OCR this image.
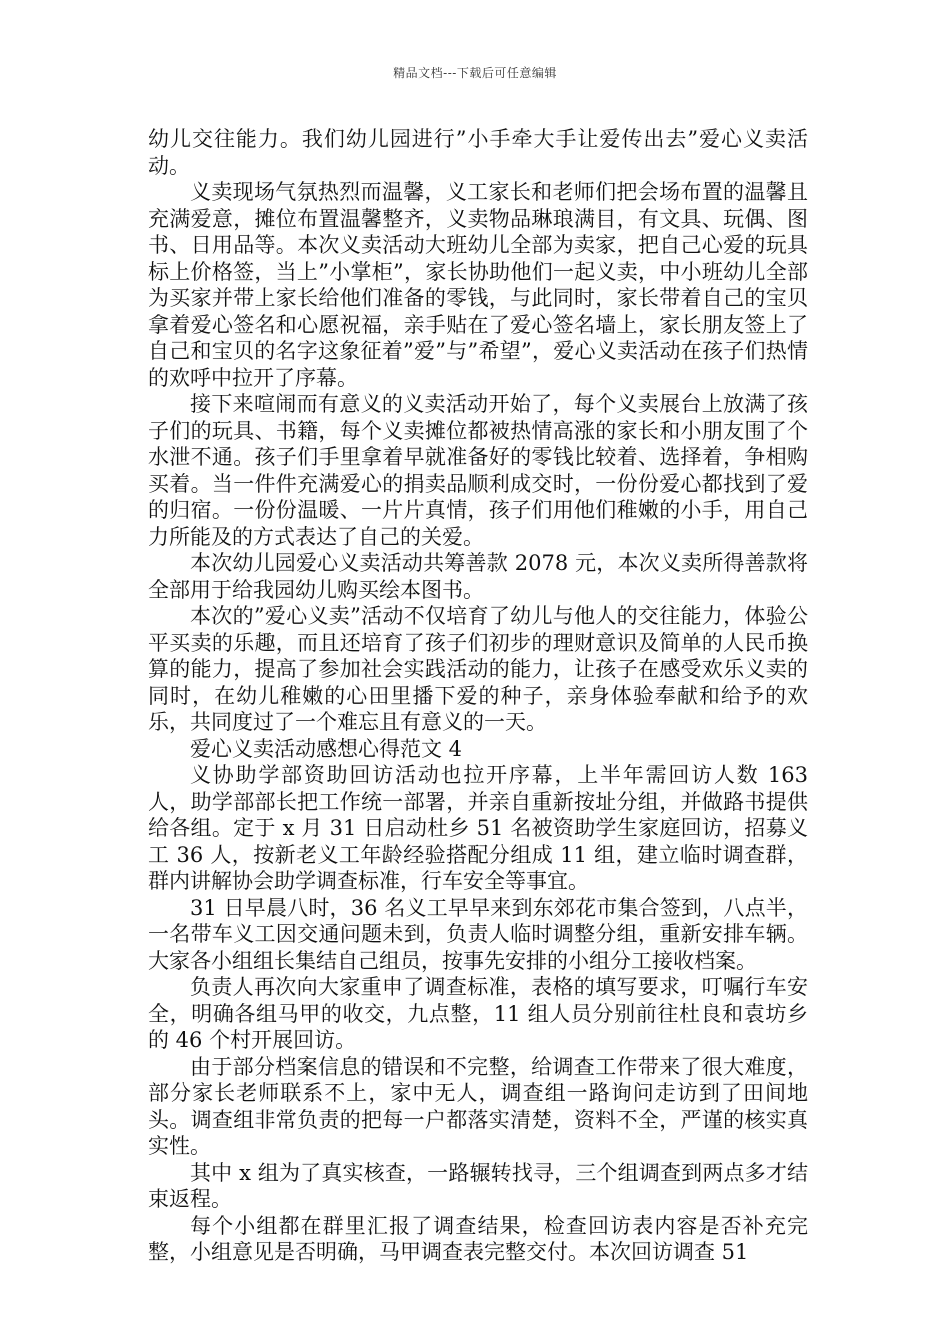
精品文档---下载后可任意编辑

幼儿交往能力。我们幼儿园进行”小手牵大手让爱传出去”爱心义卖活动。

义卖现场气氛热烈而温馨，义工家长和老师们把会场布置的温馨且充满爱意，摊位布置温馨整齐，义卖物品琳琅满目，有文具、玩偶、图书、日用品等。本次义卖活动大班幼儿全部为卖家，把自己心爱的玩具标上价格签，当上”小掌柜”，家长协助他们一起义卖，中小班幼儿全部为买家并带上家长给他们准备的零钱，与此同时，家长带着自己的宝贝拿着爱心签名和心愿祝福，亲手贴在了爱心签名墙上，家长朋友签上了自己和宝贝的名字这象征着”爱”与”希望”，爱心义卖活动在孩子们热情的欢呼中拉开了序幕。

接下来喧闹而有意义的义卖活动开始了，每个义卖展台上放满了孩子们的玩具、书籍，每个义卖摊位都被热情高涨的家长和小朋友围了个水泄不通。孩子们手里拿着早就准备好的零钱比较着、选择着，争相购买着。当一件件充满爱心的捐卖品顺利成交时，一份份爱心都找到了爱的归宿。一份份温暖、一片片真情，孩子们用他们稚嫩的小手，用自己力所能及的方式表达了自己的关爱。

本次幼儿园爱心义卖活动共筹善款 2078 元，本次义卖所得善款将全部用于给我园幼儿购买绘本图书。

本次的”爱心义卖”活动不仅培育了幼儿与他人的交往能力，体验公平买卖的乐趣，而且还培育了孩子们初步的理财意识及简单的人民币换算的能力，提高了参加社会实践活动的能力，让孩子在感受欢乐义卖的同时，在幼儿稚嫩的心田里播下爱的种子，亲身体验奉献和给予的欢乐，共同度过了一个难忘且有意义的一天。

爱心义卖活动感想心得范文 4

义协助学部资助回访活动也拉开序幕，上半年需回访人数 163 人，助学部部长把工作统一部署，并亲自重新按址分组，并做路书提供给各组。定于 x 月 31 日启动杜乡 51 名被资助学生家庭回访，招募义工 36 人，按新老义工年龄经验搭配分组成 11 组，建立临时调查群，群内讲解协会助学调查标准，行车安全等事宜。

31 日早晨八时，36 名义工早早来到东郊花市集合签到，八点半，一名带车义工因交通问题未到，负责人临时调整分组，重新安排车辆。大家各小组组长集结自己组员，按事先安排的小组分工接收档案。

负责人再次向大家重申了调查标准，表格的填写要求，叮嘱行车安全，明确各组马甲的收交，九点整，11 组人员分别前往杜良和袁坊乡的 46 个村开展回访。

由于部分档案信息的错误和不完整，给调查工作带来了很大难度，部分家长老师联系不上，家中无人，调查组一路询问走访到了田间地头。调查组非常负责的把每一户都落实清楚，资料不全，严谨的核实真实性。

其中 x 组为了真实核查，一路辗转找寻，三个组调查到两点多才结束返程。

每个小组都在群里汇报了调查结果，检查回访表内容是否补充完整，小组意见是否明确，马甲调查表完整交付。本次回访调查 51
